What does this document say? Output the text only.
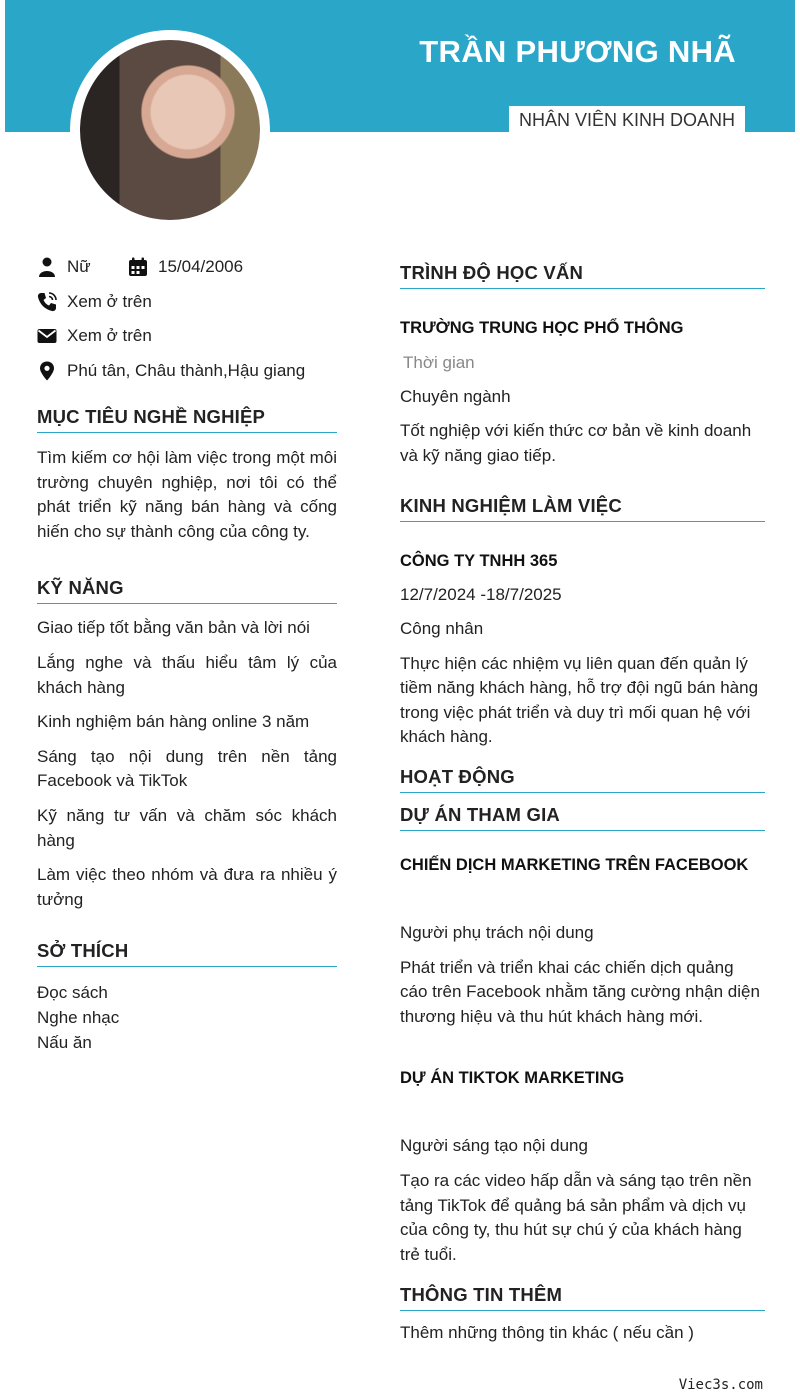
TRẦN PHƯƠNG NHÃ
NHÂN VIÊN KINH DOANH
Nữ	15/04/2006
Xem ở trên
Xem ở trên
Phú tân, Châu thành,Hậu giang
MỤC TIÊU NGHỀ NGHIỆP
Tìm kiếm cơ hội làm việc trong một môi trường chuyên nghiệp, nơi tôi có thể phát triển kỹ năng bán hàng và cống hiến cho sự thành công của công ty.
KỸ NĂNG
Giao tiếp tốt bằng văn bản và lời nói
Lắng nghe và thấu hiểu tâm lý của khách hàng
Kinh nghiệm bán hàng online 3 năm
Sáng tạo nội dung trên nền tảng Facebook và TikTok
Kỹ năng tư vấn và chăm sóc khách hàng
Làm việc theo nhóm và đưa ra nhiều ý tưởng
SỞ THÍCH
Đọc sách
Nghe nhạc
Nấu ăn
TRÌNH ĐỘ HỌC VẤN
TRƯỜNG TRUNG HỌC PHỔ THÔNG
Thời gian
Chuyên ngành
Tốt nghiệp với kiến thức cơ bản về kinh doanh và kỹ năng giao tiếp.
KINH NGHIỆM LÀM VIỆC
CÔNG TY TNHH 365
12/7/2024 -18/7/2025
Công nhân
Thực hiện các nhiệm vụ liên quan đến quản lý tiềm năng khách hàng, hỗ trợ đội ngũ bán hàng trong việc phát triển và duy trì mối quan hệ với khách hàng.
HOẠT ĐỘNG
DỰ ÁN THAM GIA
CHIẾN DỊCH MARKETING TRÊN FACEBOOK
Người phụ trách nội dung
Phát triển và triển khai các chiến dịch quảng cáo trên Facebook nhằm tăng cường nhận diện thương hiệu và thu hút khách hàng mới.
DỰ ÁN TIKTOK MARKETING
Người sáng tạo nội dung
Tạo ra các video hấp dẫn và sáng tạo trên nền tảng TikTok để quảng bá sản phẩm và dịch vụ của công ty, thu hút sự chú ý của khách hàng trẻ tuổi.
THÔNG TIN THÊM
Thêm những thông tin khác ( nếu cần )
Viec3s.com
